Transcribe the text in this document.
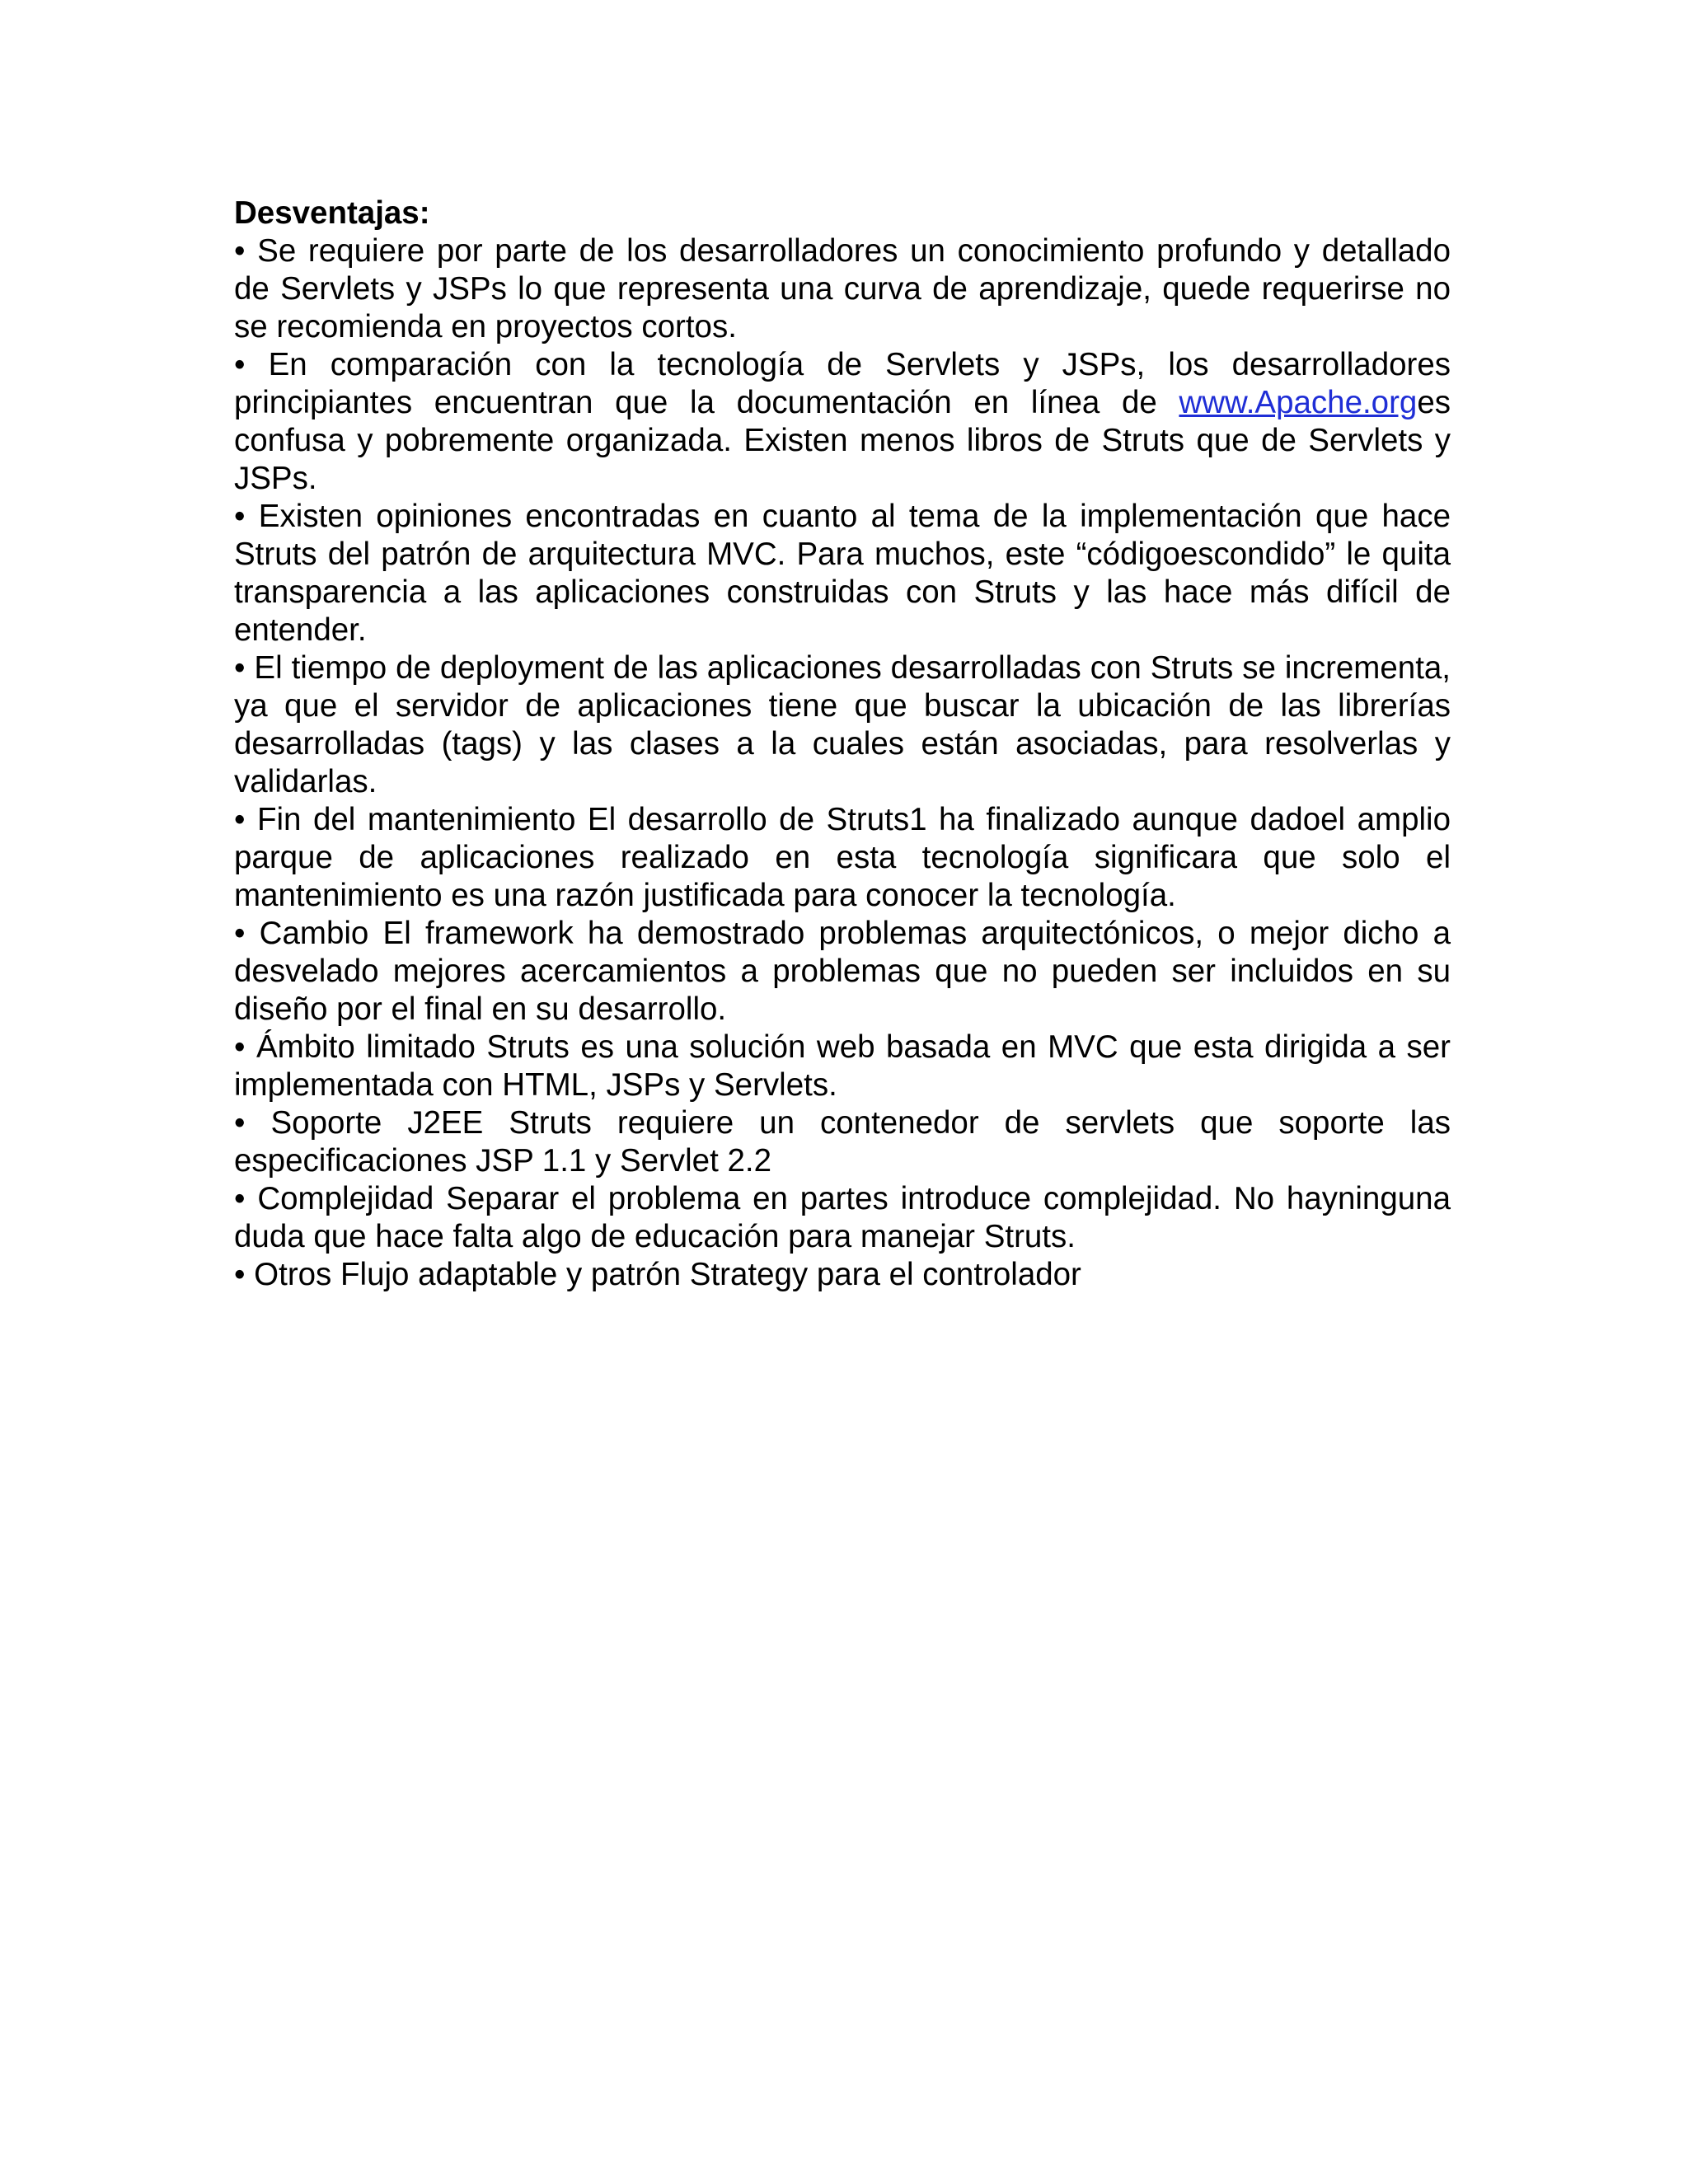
Desventajas:

• Se requiere por parte de los desarrolladores un conocimiento profundo y detallado de Servlets y JSPs lo que representa una curva de aprendizaje, quede requerirse no se recomienda en proyectos cortos.

• En comparación con la tecnología de Servlets y JSPs, los desarrolladores principiantes encuentran que la documentación en línea de www.Apache.orges confusa y pobremente organizada. Existen menos libros de Struts que de Servlets y JSPs.

• Existen opiniones encontradas en cuanto al tema de la implementación que hace Struts del patrón de arquitectura MVC. Para muchos, este “códigoescondido” le quita transparencia a las aplicaciones construidas con Struts y las hace más difícil de entender.

• El tiempo de deployment de las aplicaciones desarrolladas con Struts se incrementa, ya que el servidor de aplicaciones tiene que buscar la ubicación de las librerías desarrolladas (tags) y las clases a la cuales están asociadas, para resolverlas y validarlas.

• Fin del mantenimiento El desarrollo de Struts1 ha finalizado aunque dadoel amplio parque de aplicaciones realizado en esta tecnología significara que solo el mantenimiento es una razón justificada para conocer la tecnología.

• Cambio El framework ha demostrado problemas arquitectónicos, o mejor dicho a desvelado mejores acercamientos a problemas que no pueden ser incluidos en su diseño por el final en su desarrollo.

• Ámbito limitado Struts es una solución web basada en MVC que esta dirigida a ser implementada con HTML, JSPs y Servlets.

• Soporte J2EE Struts requiere un contenedor de servlets que soporte las especificaciones JSP 1.1 y Servlet 2.2

• Complejidad Separar el problema en partes introduce complejidad. No hayninguna duda que hace falta algo de educación para manejar Struts.

• Otros Flujo adaptable y patrón Strategy para el controlador
